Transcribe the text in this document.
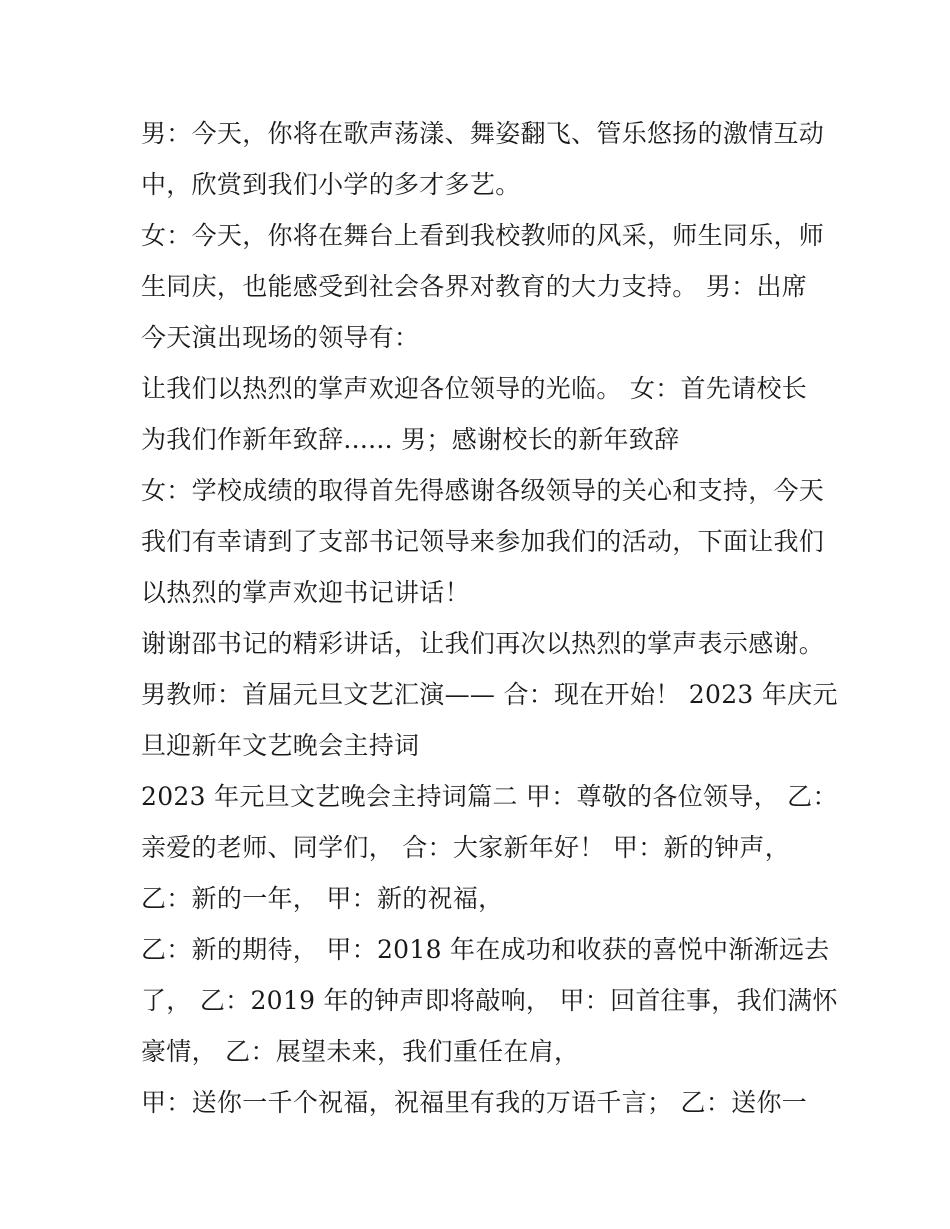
男：今天，你将在歌声荡漾、舞姿翻飞、管乐悠扬的激情互动
中，欣赏到我们小学的多才多艺。
女：今天，你将在舞台上看到我校教师的风采，师生同乐，师
生同庆，也能感受到社会各界对教育的大力支持。 男：出席
今天演出现场的领导有：
让我们以热烈的掌声欢迎各位领导的光临。 女：首先请校长
为我们作新年致辞...... 男；感谢校长的新年致辞
女：学校成绩的取得首先得感谢各级领导的关心和支持，今天
我们有幸请到了支部书记领导来参加我们的活动，下面让我们
以热烈的掌声欢迎书记讲话！
谢谢邵书记的精彩讲话，让我们再次以热烈的掌声表示感谢。
男教师：首届元旦文艺汇演—— 合：现在开始！ 2023 年庆元
旦迎新年文艺晚会主持词
2023 年元旦文艺晚会主持词篇二 甲：尊敬的各位领导， 乙：
亲爱的老师、同学们， 合：大家新年好！ 甲：新的钟声，
乙：新的一年， 甲：新的祝福，
乙：新的期待， 甲：2018 年在成功和收获的喜悦中渐渐远去
了， 乙：2019 年的钟声即将敲响， 甲：回首往事，我们满怀
豪情， 乙：展望未来，我们重任在肩，
甲：送你一千个祝福，祝福里有我的万语千言； 乙：送你一
